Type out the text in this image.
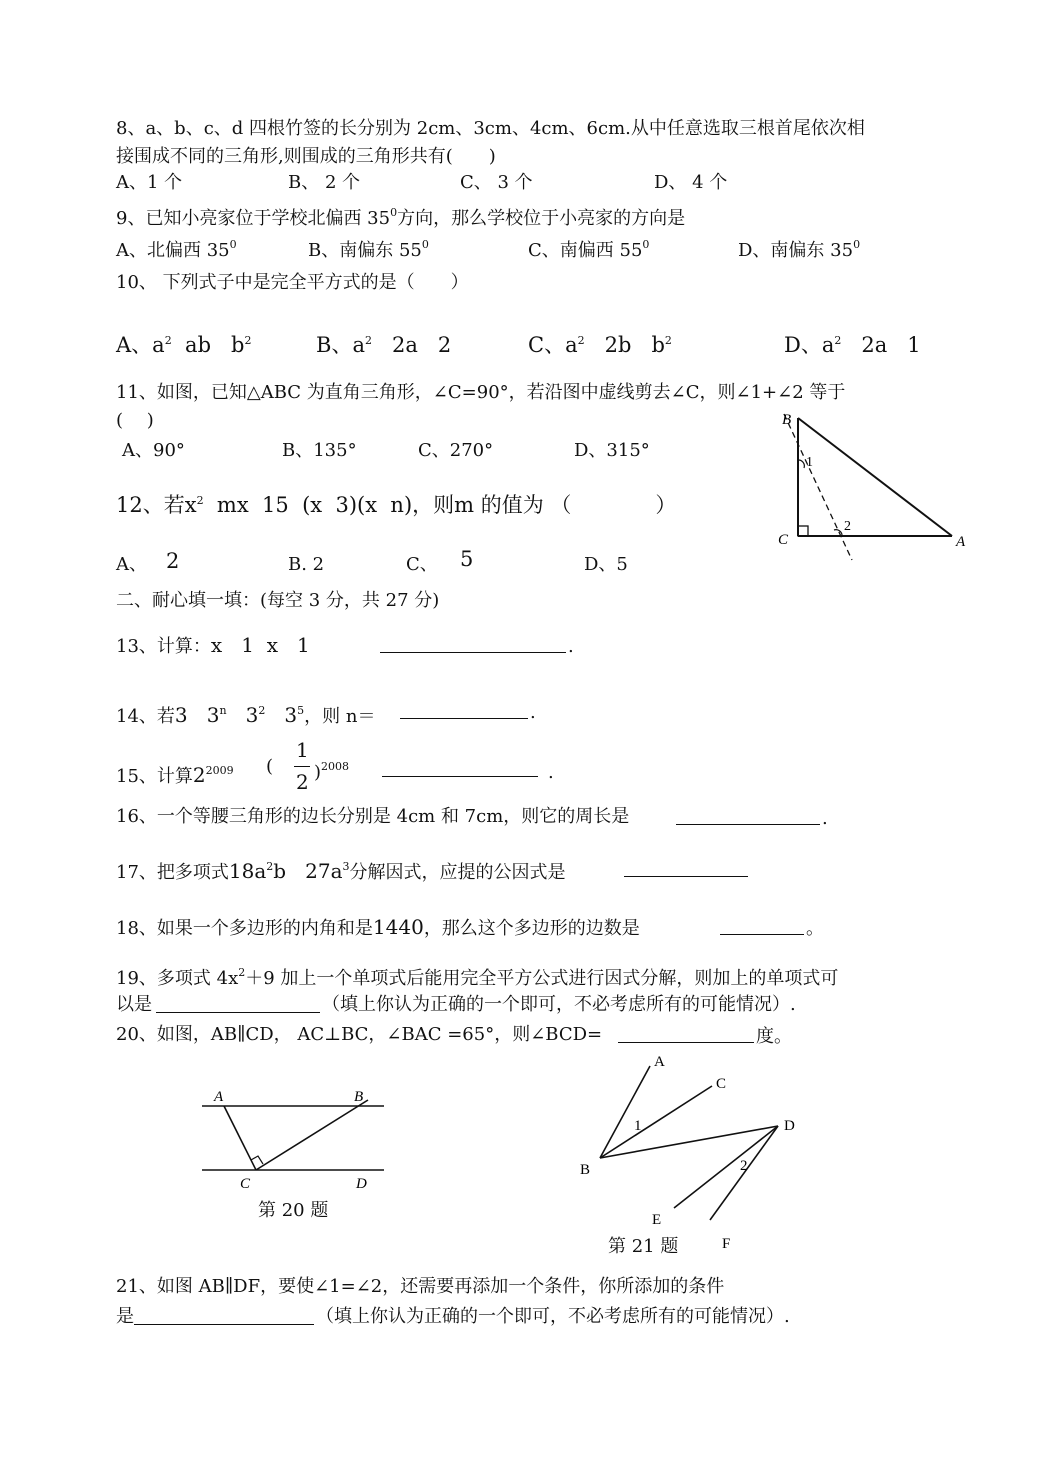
8、a、b、c、d 四根竹签的长分别为 2cm、3cm、4cm、6cm.从中任意选取三根首尾依次相
接围成不同的三角形,则围成的三角形共有(　　)
A、1 个	B、 2 个	C、 3 个	D、 4 个
9、已知小亮家位于学校北偏西 $35^0$方向，那么学校位于小亮家的方向是
A、北偏西 $35^0$	B、南偏东 $55^0$	C、南偏西 $55^0$	D、南偏东 $35^0$
10、 下列式子中是完全平方式的是（　　）
A、$a^2$  ab   $b^2$	B、$a^2$   2a   2	C、$a^2$   2b   $b^2$	D、$a^2$   2a   1
11、如图，已知△ABC 为直角三角形，∠C=90°，若沿图中虚线剪去∠C，则∠1+∠2 等于
(　 )
A、90°	B、135°	C、270°	D、315°
B
C	A
1
2
12、若$x^2$  mx  15  (x  3)(x  n)，则m 的值为 （　　　　）
A、 2	B. 2	C、 5	D、5
二、耐心填一填：(每空 3 分，共 27 分)
13、计算：x   1  x   1	.
14、若3   3$^n$   $3^2$   $3^5$，则 n＝	.
15、计算$2^{2009}$ (
1
2 )$^{2008}$	.
16、一个等腰三角形的边长分别是 4cm 和 7cm，则它的周长是	.
17、把多项式$18a^2b$   $27a^3$分解因式，应提的公因式是
18、如果一个多边形的内角和是1440，那么这个多边形的边数是	。
19、多项式 $4x^2+9$ 加上一个单项式后能用完全平方公式进行因式分解，则加上的单项式可
以是	（填上你认为正确的一个即可，不必考虑所有的可能情况）.
20、如图，AB∥CD， AC⊥BC，∠BAC =65°，则∠BCD=	度。
A	B
C	D
第 20 题
A
C
D
B
E
F
1
2
第 21 题
21、如图 AB∥DF，要使∠1=∠2，还需要再添加一个条件，你所添加的条件
是	（填上你认为正确的一个即可，不必考虑所有的可能情况）.
